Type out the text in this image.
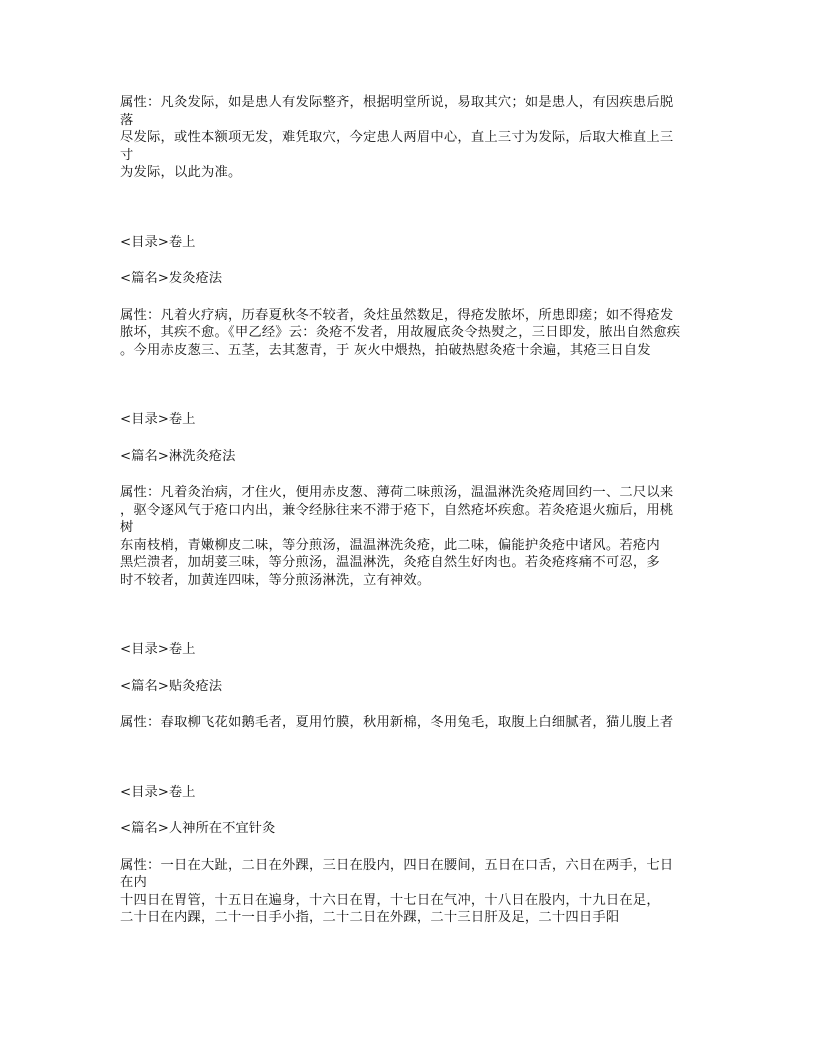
属性：凡灸发际，如是患人有发际整齐，根据明堂所说，易取其穴；如是患人，有因疾患后脱
落
尽发际，或性本额项无发，难凭取穴，今定患人两眉中心，直上三寸为发际，后取大椎直上三
寸
为发际，以此为准。
<目录>卷上
<篇名>发灸疮法
属性：凡着火疗病，历春夏秋冬不较者，灸炷虽然数足，得疮发脓坏，所患即瘥；如不得疮发
脓坏，其疾不愈。《甲乙经》云：灸疮不发者，用故履底灸令热熨之，三日即发，脓出自然愈疾
。今用赤皮葱三、五茎，去其葱青，于 灰火中煨热，拍破热慰灸疮十余遍，其疮三日自发
<目录>卷上
<篇名>淋洗灸疮法
属性：凡着灸治病，才住火，便用赤皮葱、薄荷二味煎汤，温温淋洗灸疮周回约一、二尺以来
，驱令逐风气于疮口内出，兼令经脉往来不滞于疮下，自然疮坏疾愈。若灸疮退火痂后，用桃
树
东南枝梢，青嫩柳皮二味，等分煎汤，温温淋洗灸疮，此二味，偏能护灸疮中诸风。若疮内
黑烂溃者，加胡荽三味，等分煎汤，温温淋洗，灸疮自然生好肉也。若灸疮疼痛不可忍，多
时不较者，加黄连四味，等分煎汤淋洗，立有神效。
<目录>卷上
<篇名>贴灸疮法
属性：春取柳飞花如鹅毛者，夏用竹膜，秋用新棉，冬用兔毛，取腹上白细腻者，猫儿腹上者
<目录>卷上
<篇名>人神所在不宜针灸
属性：一日在大趾，二日在外踝，三日在股内，四日在腰间，五日在口舌，六日在两手，七日
在内
十四日在胃管，十五日在遍身，十六日在胃，十七日在气冲，十八日在股内，十九日在足，
二十日在内踝，二十一日手小指，二十二日在外踝，二十三日肝及足，二十四日手阳
